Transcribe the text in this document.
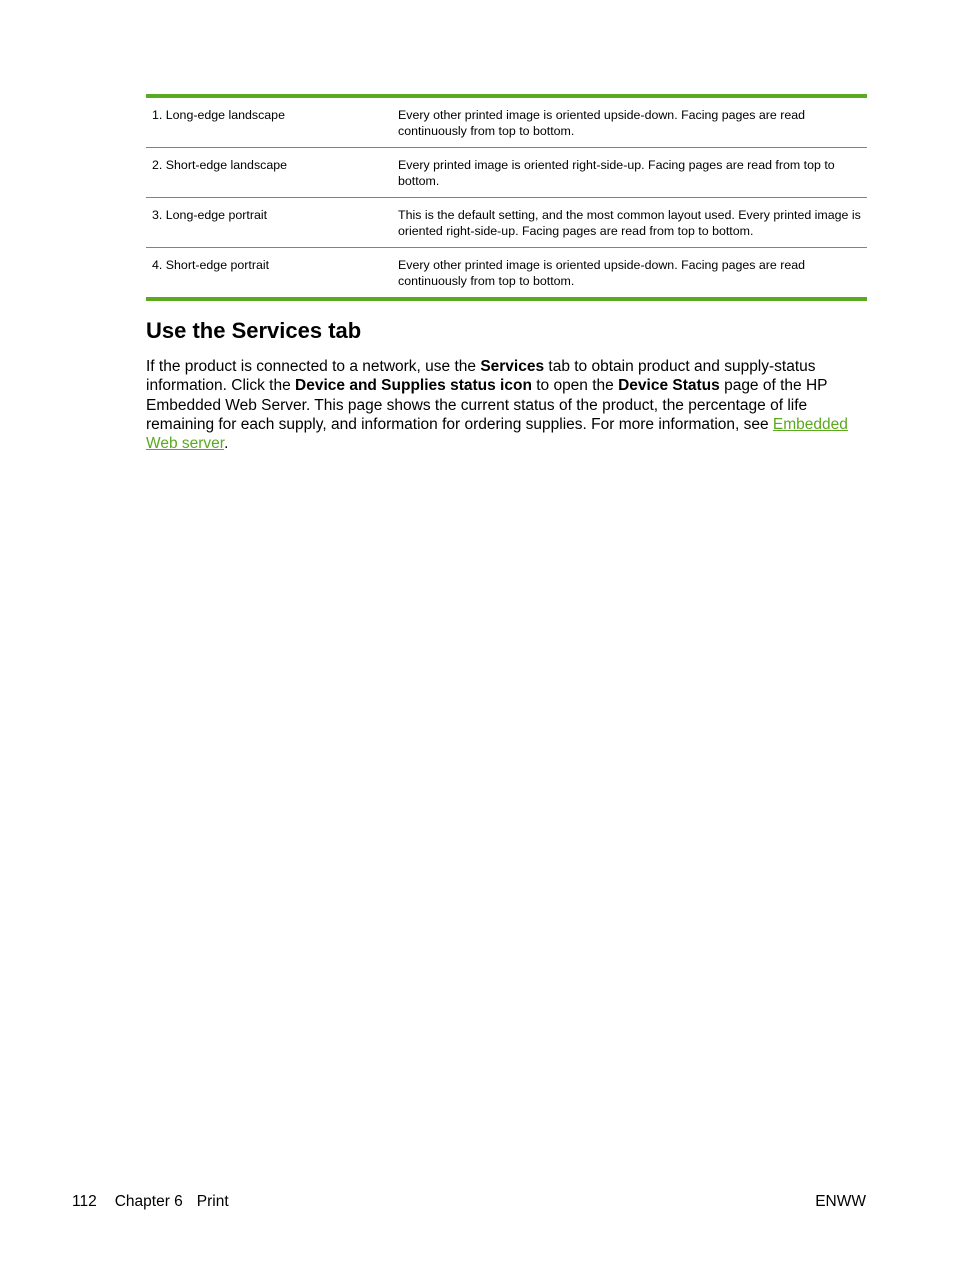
1. Long-edge landscape	Every other printed image is oriented upside-down. Facing pages are read continuously from top to bottom.
2. Short-edge landscape	Every printed image is oriented right-side-up. Facing pages are read from top to bottom.
3. Long-edge portrait	This is the default setting, and the most common layout used. Every printed image is oriented right-side-up. Facing pages are read from top to bottom.
4. Short-edge portrait	Every other printed image is oriented upside-down. Facing pages are read continuously from top to bottom.
Use the Services tab

If the product is connected to a network, use the Services tab to obtain product and supply-status information. Click the Device and Supplies status icon to open the Device Status page of the HP Embedded Web Server. This page shows the current status of the product, the percentage of life remaining for each supply, and information for ordering supplies. For more information, see Embedded Web server.

112 Chapter 6 Print	ENWW
